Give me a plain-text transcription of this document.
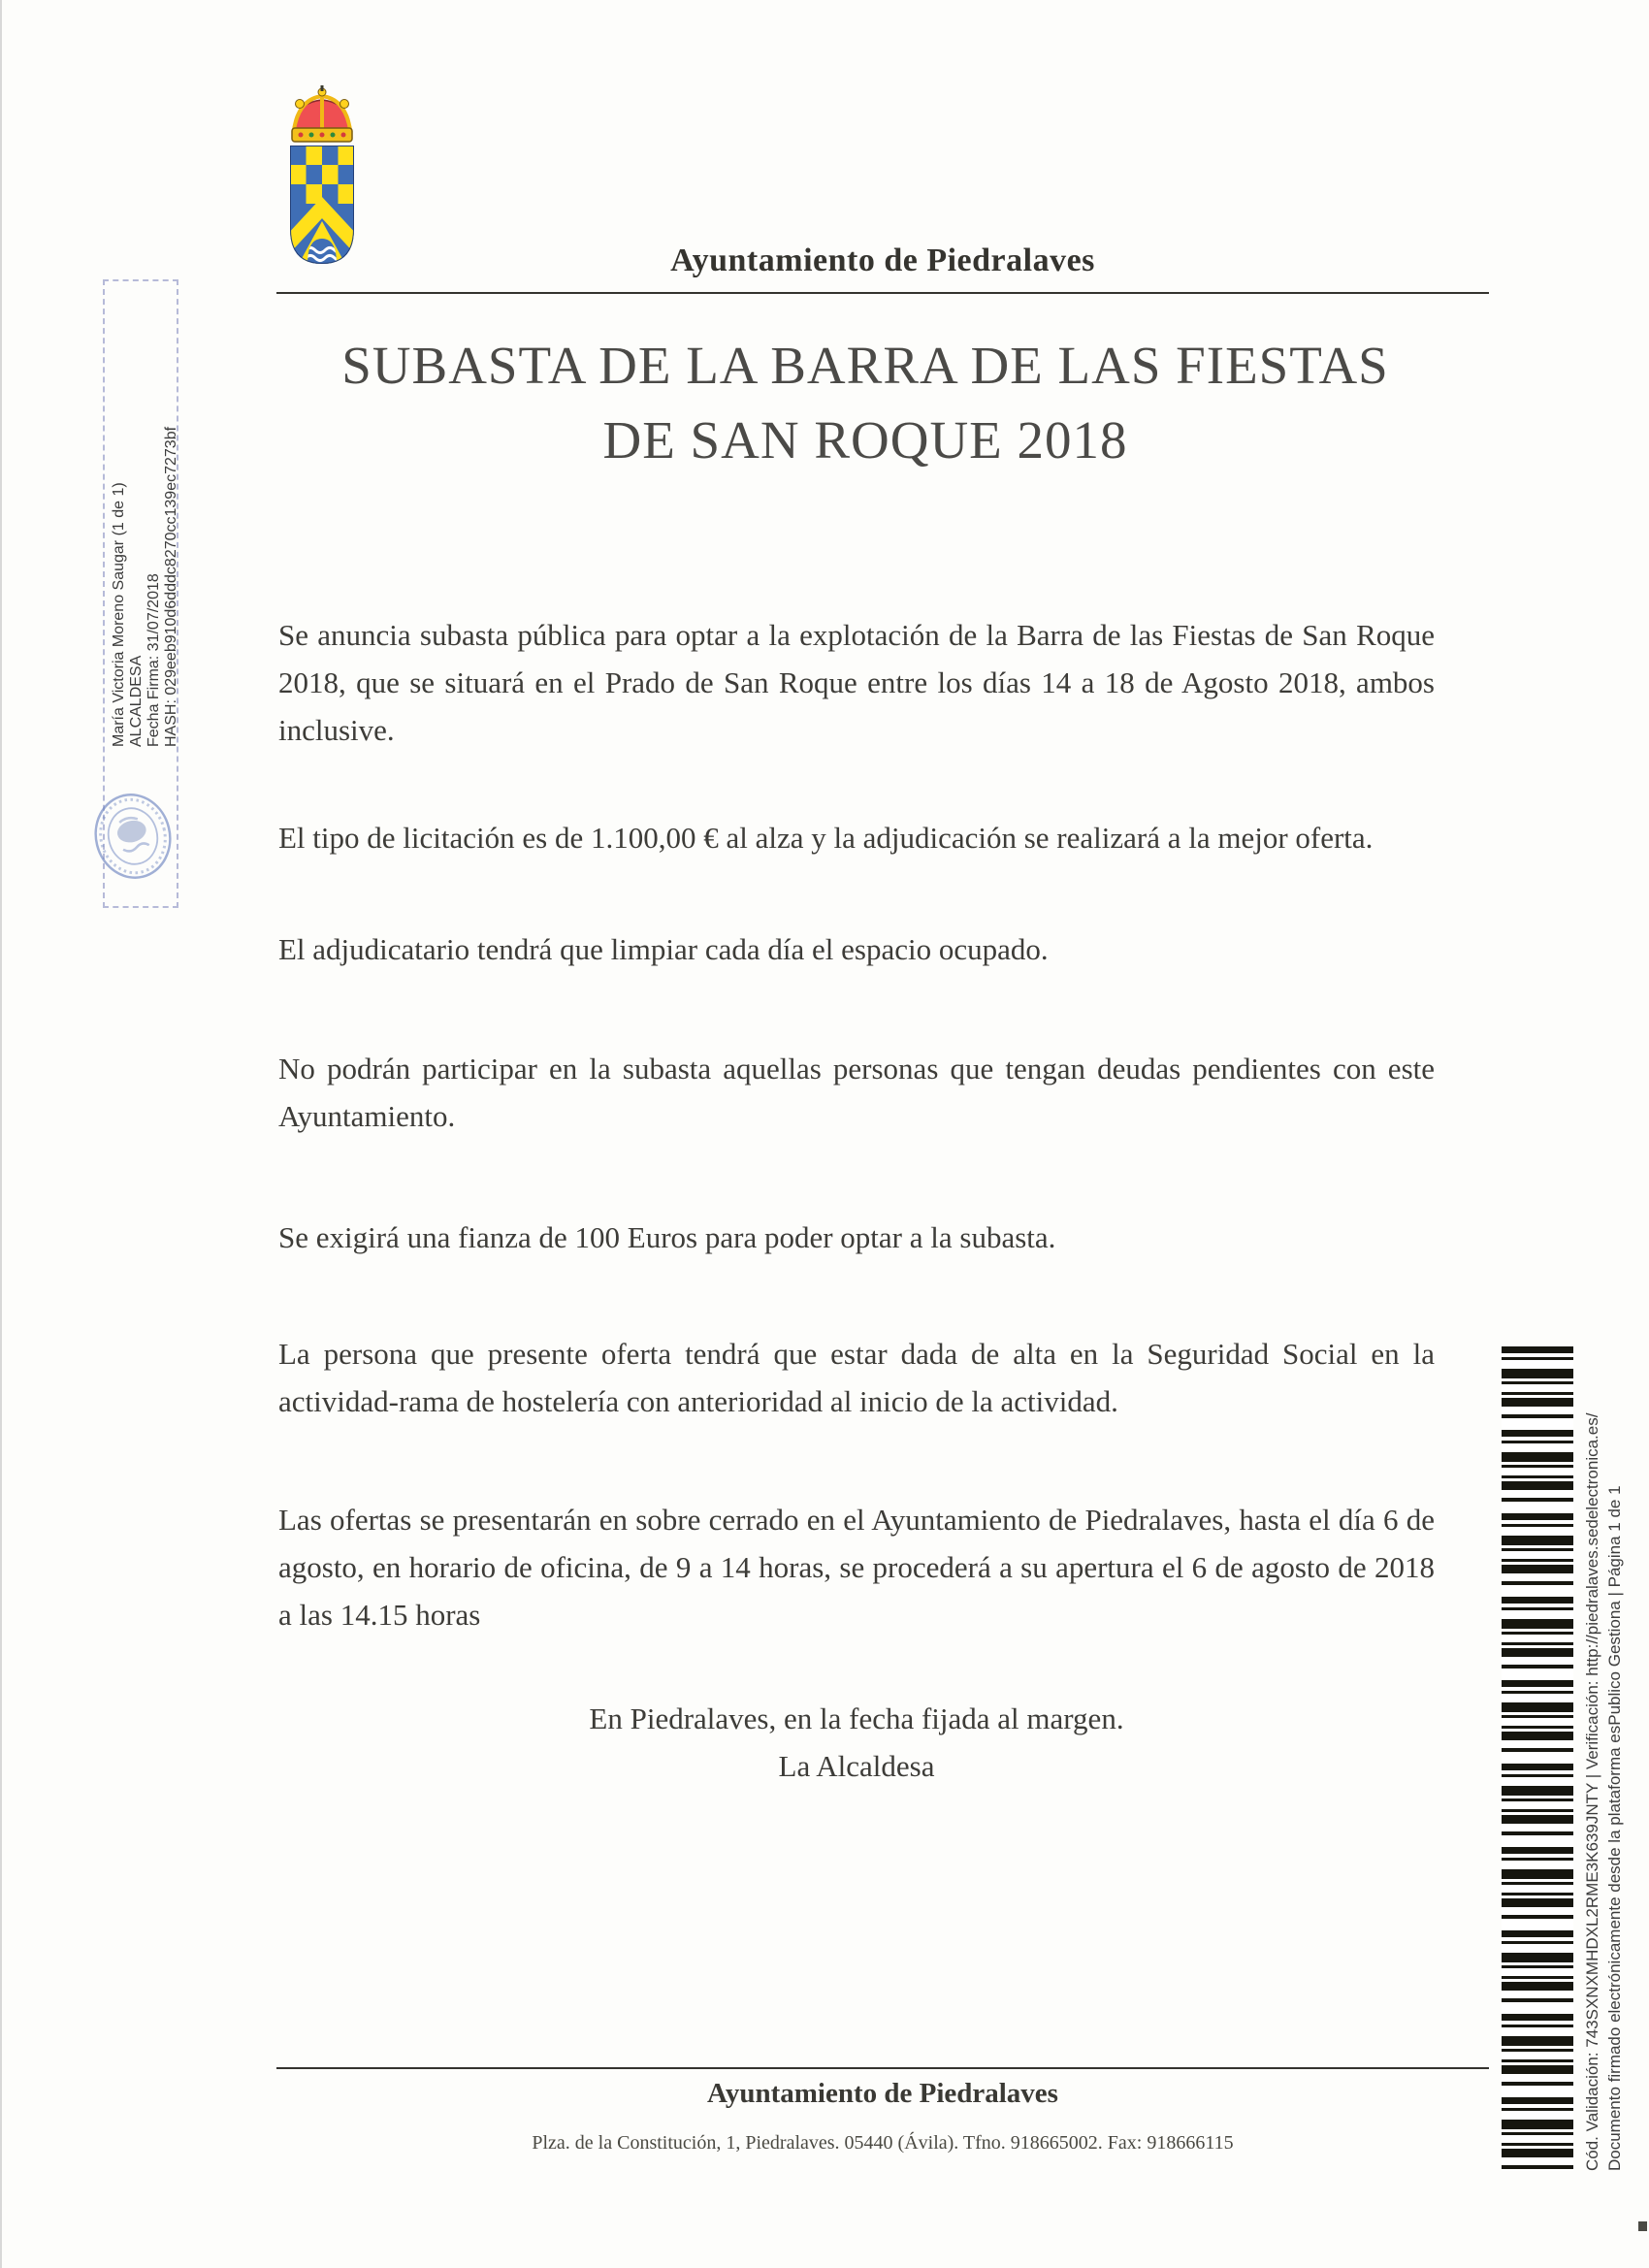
Ayuntamiento de Piedralaves
SUBASTA DE LA BARRA DE LAS FIESTAS
DE SAN ROQUE 2018

Se anuncia subasta pública para optar a la explotación de la Barra de las Fiestas de San Roque 2018, que se situará en el Prado de San Roque entre los días 14 a 18 de Agosto 2018, ambos inclusive.

El tipo de licitación es de 1.100,00 € al alza y la adjudicación se realizará a la mejor oferta.

El adjudicatario tendrá que limpiar cada día el espacio ocupado.

No podrán participar en la subasta aquellas personas que tengan deudas pendientes con este Ayuntamiento.

Se exigirá una fianza de 100 Euros para poder optar a la subasta.

La persona que presente oferta tendrá que estar dada de alta en la Seguridad Social en la actividad-rama de hostelería con anterioridad al inicio de la actividad.

Las ofertas se presentarán en sobre cerrado en el Ayuntamiento de Piedralaves, hasta el día 6 de agosto, en horario de oficina, de 9 a 14 horas, se procederá a su apertura el 6 de agosto de 2018 a las 14.15 horas

En Piedralaves, en la fecha fijada al margen.

La Alcaldesa

Ayuntamiento de Piedralaves
Plza. de la Constitución, 1, Piedralaves. 05440 (Ávila). Tfno. 918665002. Fax: 918666115
María Victoria Moreno Saugar (1 de 1) ALCALDESA Fecha Firma: 31/07/2018 HASH: 029eeb910d6dddc8270cc139ec7273bf
Cód. Validación: 743SXNXMHDXL2RME3K639JNTY | Verificación: http://piedralaves.sedelectronica.es/ Documento firmado electrónicamente desde la plataforma esPublico Gestiona | Página 1 de 1
